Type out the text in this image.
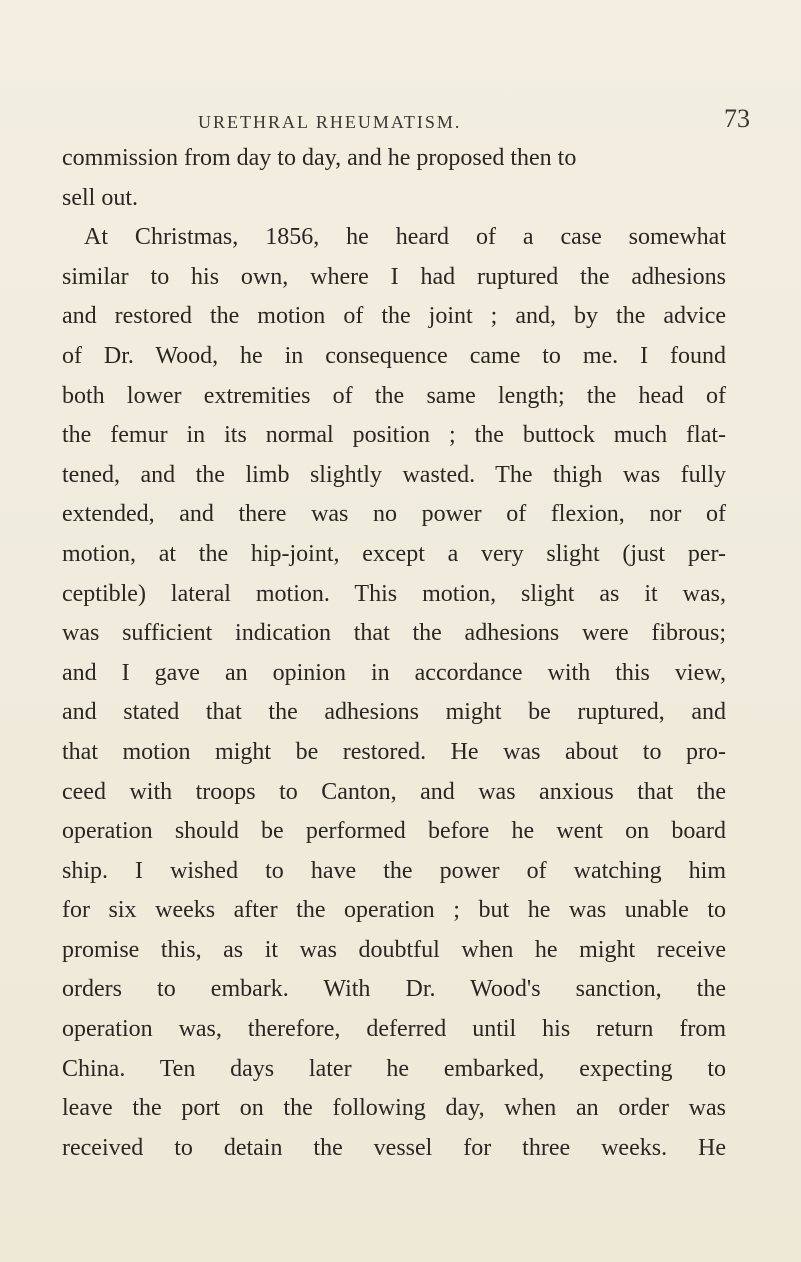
URETHRAL RHEUMATISM.	73
commission from day to day, and he proposed then to
sell out.
At Christmas, 1856, he heard of a case somewhat
similar to his own, where I had ruptured the adhesions
and restored the motion of the joint ; and, by the advice
of Dr. Wood, he in consequence came to me. I found
both lower extremities of the same length; the head of
the femur in its normal position ; the buttock much flat-
tened, and the limb slightly wasted. The thigh was fully
extended, and there was no power of flexion, nor of
motion, at the hip-joint, except a very slight (just per-
ceptible) lateral motion. This motion, slight as it was,
was sufficient indication that the adhesions were fibrous;
and I gave an opinion in accordance with this view,
and stated that the adhesions might be ruptured, and
that motion might be restored. He was about to pro-
ceed with troops to Canton, and was anxious that the
operation should be performed before he went on board
ship. I wished to have the power of watching him
for six weeks after the operation ; but he was unable to
promise this, as it was doubtful when he might receive
orders to embark. With Dr. Wood's sanction, the
operation was, therefore, deferred until his return from
China. Ten days later he embarked, expecting to
leave the port on the following day, when an order was
received to detain the vessel for three weeks. He
